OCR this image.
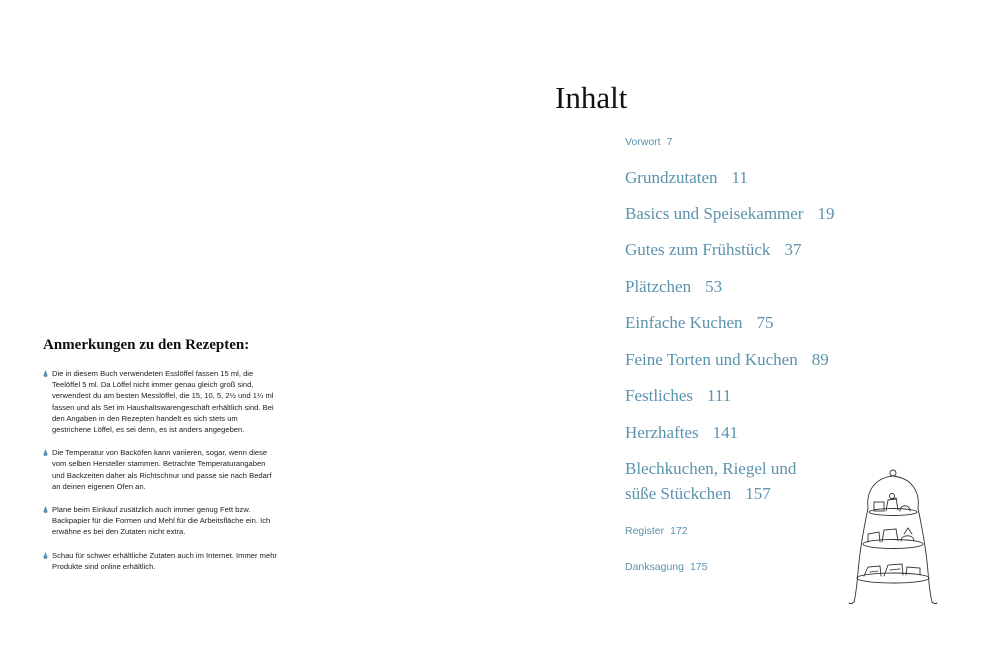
Anmerkungen zu den Rezepten:
Die in diesem Buch verwendeten Esslöffel fassen 15 ml, die Teelöffel 5 ml. Da Löffel nicht immer genau gleich groß sind, verwendest du am besten Messlöffel, die 15, 10, 5, 2½ und 1¼ ml fassen und als Set im Haushaltswarengeschäft erhältlich sind. Bei den Angaben in den Rezepten handelt es sich stets um gestrichene Löffel, es sei denn, es ist anders angegeben.
Die Temperatur von Backöfen kann variieren, sogar, wenn diese vom selben Hersteller stammen. Betrachte Temperaturangaben und Backzeiten daher als Richtschnur und passe sie nach Bedarf an deinen eigenen Ofen an.
Plane beim Einkauf zusätzlich auch immer genug Fett bzw. Backpapier für die Formen und Mehl für die Arbeitsfläche ein. Ich erwähne es bei den Zutaten nicht extra.
Schau für schwer erhältliche Zutaten auch im Internet. Immer mehr Produkte sind online erhältlich.
Inhalt
Vorwort 7
Grundzutaten 11
Basics und Speisekammer 19
Gutes zum Frühstück 37
Plätzchen 53
Einfache Kuchen 75
Feine Torten und Kuchen 89
Festliches 111
Herzhaftes 141
Blechkuchen, Riegel und
süße Stückchen 157
Register 172
Danksagung 175
